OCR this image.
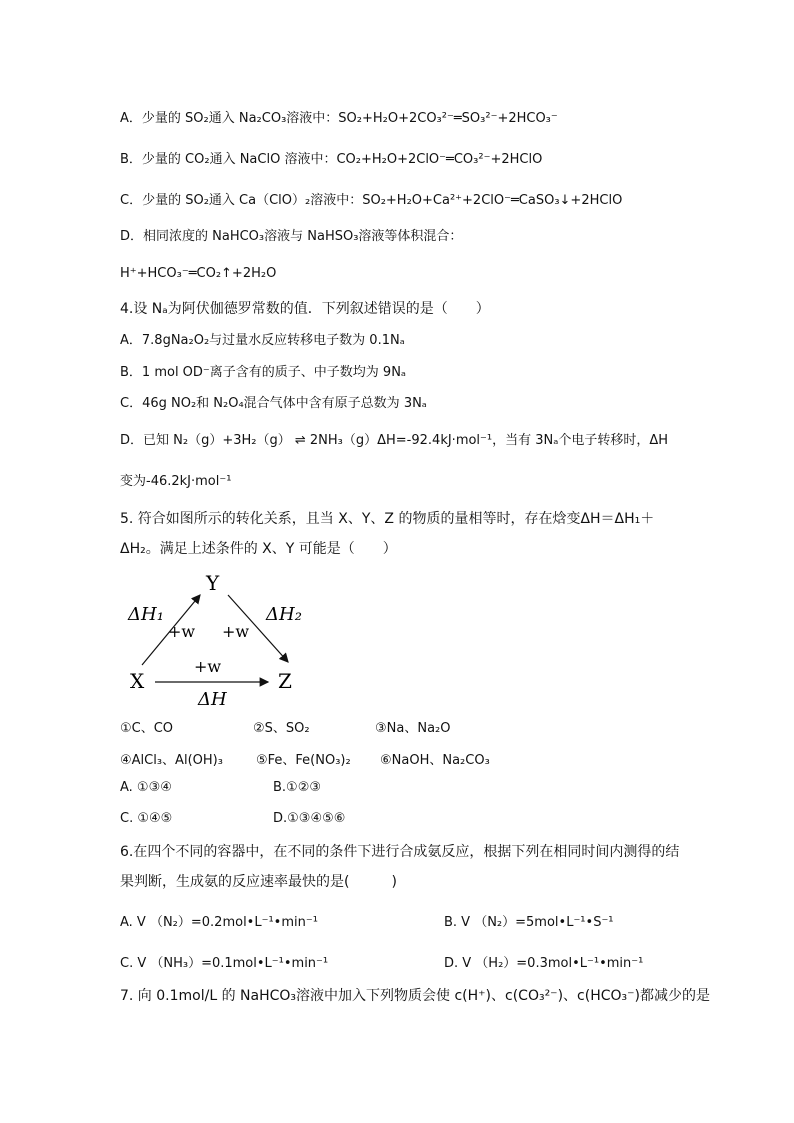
A．少量的 SO₂通入 Na₂CO₃溶液中：SO₂+H₂O+2CO₃²⁻═SO₃²⁻+2HCO₃⁻
B．少量的 CO₂通入 NaClO 溶液中：CO₂+H₂O+2ClO⁻═CO₃²⁻+2HClO
C．少量的 SO₂通入 Ca（ClO）₂溶液中：SO₂+H₂O+Ca²⁺+2ClO⁻═CaSO₃↓+2HClO
D．相同浓度的 NaHCO₃溶液与 NaHSO₃溶液等体积混合：
H⁺+HCO₃⁻═CO₂↑+2H₂O
4.设 Nₐ为阿伏伽德罗常数的值．下列叙述错误的是（　　）
A．7.8gNa₂O₂与过量水反应转移电子数为 0.1Nₐ
B．1 mol OD⁻离子含有的质子、中子数均为 9Nₐ
C．46g NO₂和 N₂O₄混合气体中含有原子总数为 3Nₐ
D．已知 N₂（g）+3H₂（g） ⇌ 2NH₃（g）ΔH=-92.4kJ·mol⁻¹，当有 3Nₐ个电子转移时，ΔH
变为-46.2kJ·mol⁻¹
5. 符合如图所示的转化关系，且当 X、Y、Z 的物质的量相等时，存在焓变ΔH＝ΔH₁＋
ΔH₂。满足上述条件的 X、Y 可能是（　　）
Y
X	Z
ΔH₁	ΔH₂
ΔH
+w +w
+w
①C、CO	②S、SO₂	③Na、Na₂O
④AlCl₃、Al(OH)₃	⑤Fe、Fe(NO₃)₂ ⑥NaOH、Na₂CO₃
A. ①③④	B.①②③
C. ①④⑤	D.①③④⑤⑥
6.在四个不同的容器中，在不同的条件下进行合成氨反应，根据下列在相同时间内测得的结
果判断，生成氨的反应速率最快的是(　　　)
A. V （N₂）=0.2mol•L⁻¹•min⁻¹	B. V （N₂）=5mol•L⁻¹•S⁻¹
C. V （NH₃）=0.1mol•L⁻¹•min⁻¹	D. V （H₂）=0.3mol•L⁻¹•min⁻¹
7. 向 0.1mol/L 的 NaHCO₃溶液中加入下列物质会使 c(H⁺)、c(CO₃²⁻)、c(HCO₃⁻)都减少的是
